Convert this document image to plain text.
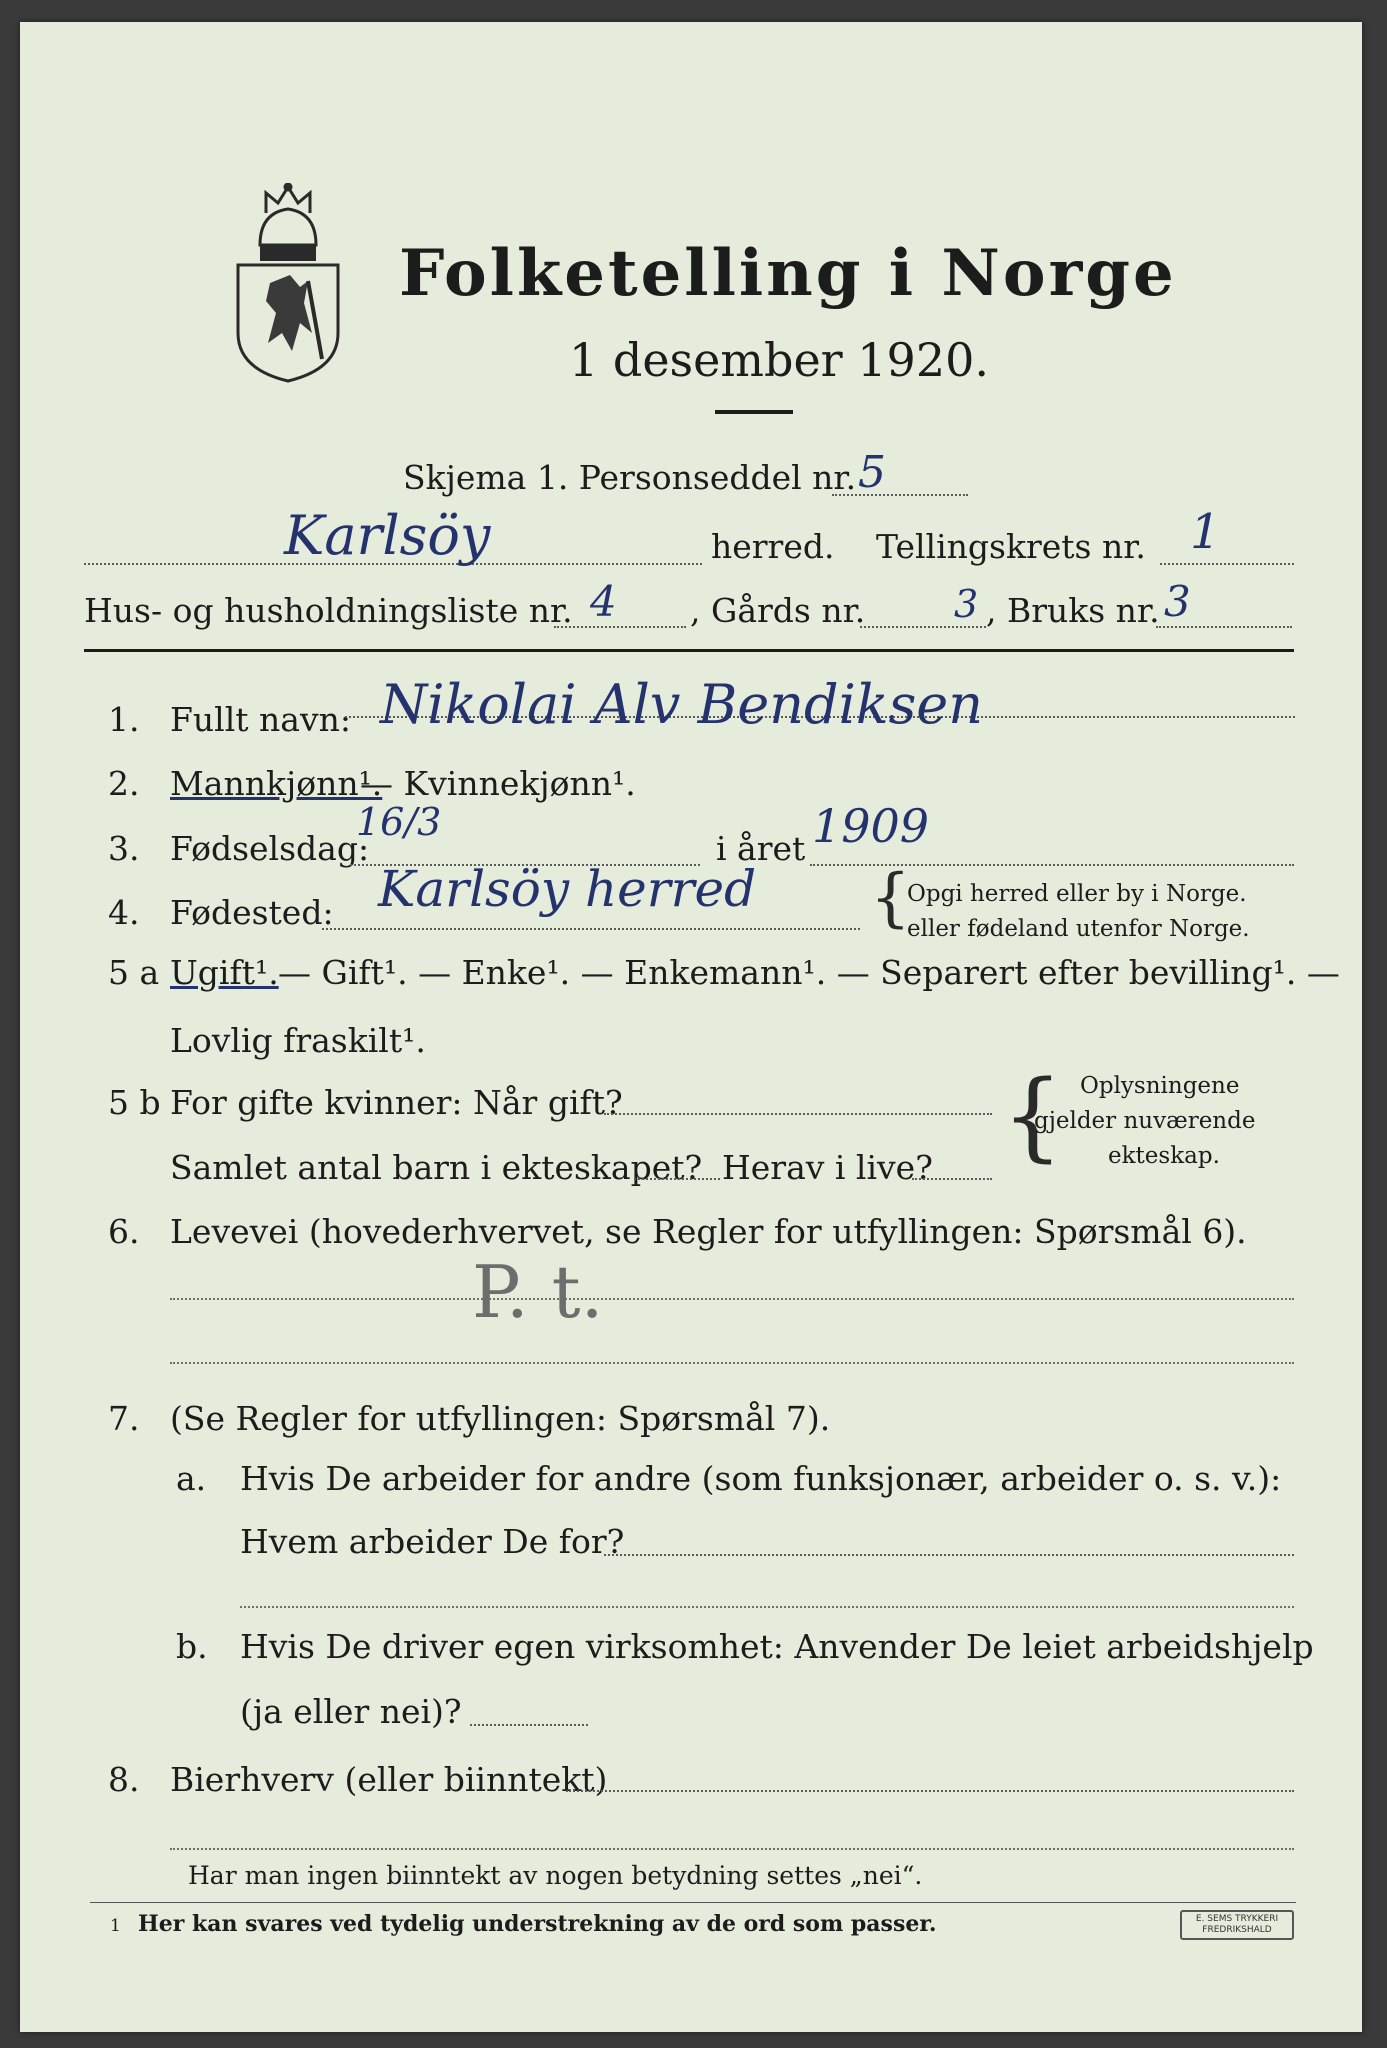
Folketelling i Norge
1 desember 1920.
Skjema 1. Personseddel nr. 5
Karlsöy	herred. Tellingskrets nr. 1
Hus- og husholdningsliste nr. 4 , Gårds nr. 3 , Bruks nr. 3
1. Fullt navn: Nikolai Alv Bendiksen
2. Mannkjønn¹.
— Kvinnekjønn¹.
3. Fødselsdag:
16/3
i året 1909
4. Fødested: Karlsöy herred {
Opgi herred eller by i Norge.
eller fødeland utenfor Norge.
5 a Ugift¹. — Gift¹. — Enke¹. — Enkemann¹. — Separert efter bevilling¹. —
Lovlig fraskilt¹.
5 b For gifte kvinner: Når gift?
Samlet antal barn i ekteskapet? Herav i live? { Oplysningene
gjelder nuværende
ekteskap.
6. Levevei (hovederhvervet, se Regler for utfyllingen: Spørsmål 6).
P. t.
7. (Se Regler for utfyllingen: Spørsmål 7).
a. Hvis De arbeider for andre (som funksjonær, arbeider o. s. v.):
Hvem arbeider De for?
b. Hvis De driver egen virksomhet: Anvender De leiet arbeidshjelp
(ja eller nei)?
8. Bierhverv (eller biinntekt)
Har man ingen biinntekt av nogen betydning settes „nei“.
1 Her kan svares ved tydelig understrekning av de ord som passer.	E. SEMS TRYKKERI FREDRIKSHALD
